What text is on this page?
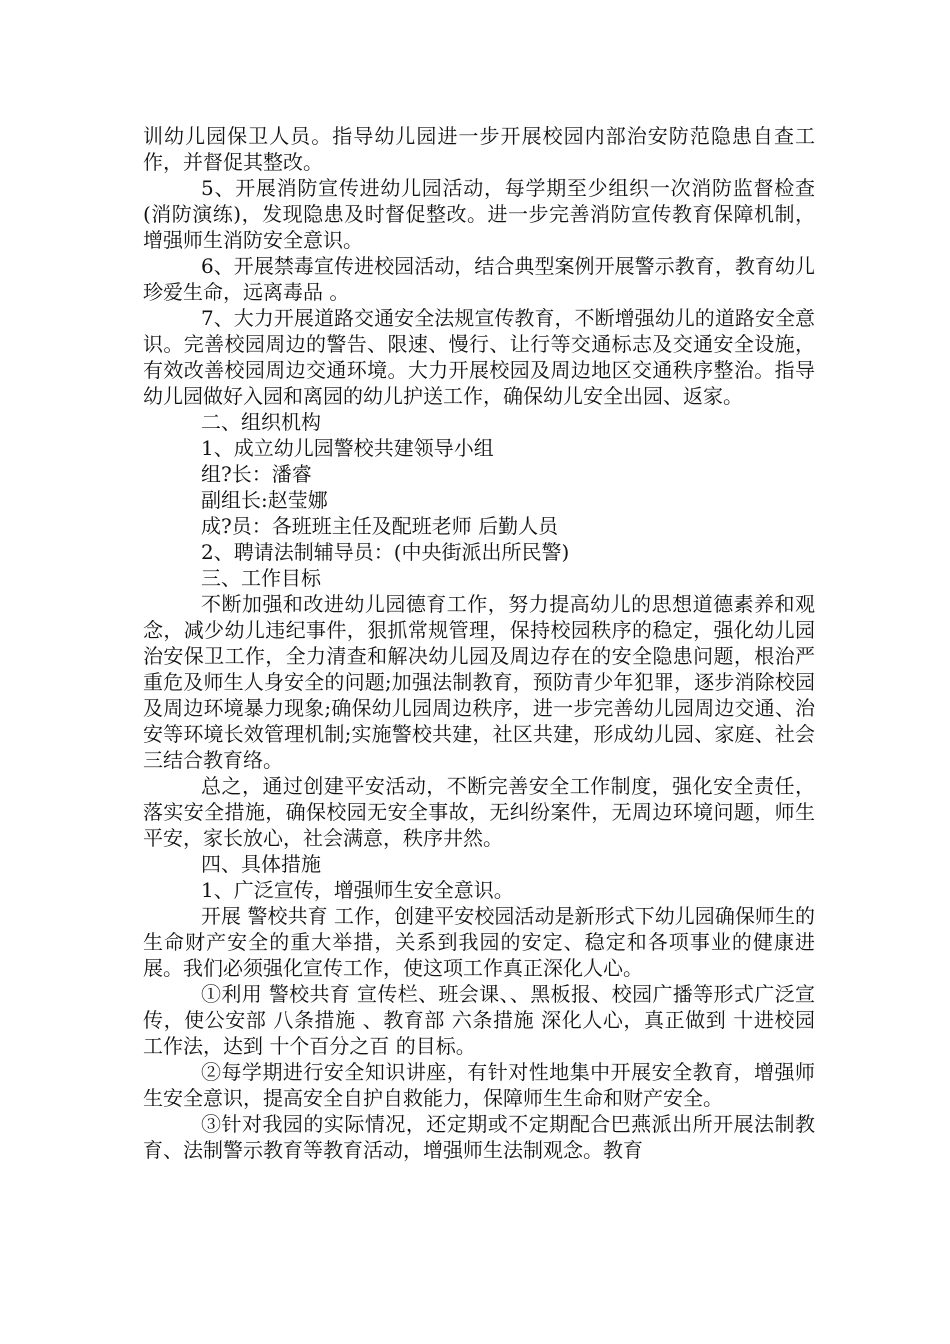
训幼儿园保卫人员。指导幼儿园进一步开展校园内部治安防范隐患自查工作，并督促其整改。

5、开展消防宣传进幼儿园活动，每学期至少组织一次消防监督检查(消防演练)，发现隐患及时督促整改。进一步完善消防宣传教育保障机制，增强师生消防安全意识。

6、开展禁毒宣传进校园活动，结合典型案例开展警示教育，教育幼儿 珍爱生命，远离毒品 。

7、大力开展道路交通安全法规宣传教育，不断增强幼儿的道路安全意识。完善校园周边的警告、限速、慢行、让行等交通标志及交通安全设施，有效改善校园周边交通环境。大力开展校园及周边地区交通秩序整治。指导幼儿园做好入园和离园的幼儿护送工作，确保幼儿安全出园、返家。

二、组织机构

1、成立幼儿园警校共建领导小组

组?长：潘睿

副组长:赵莹娜

成?员：各班班主任及配班老师 后勤人员

2、聘请法制辅导员：(中央街派出所民警)

三、工作目标

不断加强和改进幼儿园德育工作，努力提高幼儿的思想道德素养和观念，减少幼儿违纪事件，狠抓常规管理，保持校园秩序的稳定，强化幼儿园治安保卫工作，全力清查和解决幼儿园及周边存在的安全隐患问题，根治严重危及师生人身安全的问题;加强法制教育，预防青少年犯罪，逐步消除校园及周边环境暴力现象;确保幼儿园周边秩序，进一步完善幼儿园周边交通、治安等环境长效管理机制;实施警校共建，社区共建，形成幼儿园、家庭、社会三结合教育络。

总之，通过创建平安活动，不断完善安全工作制度，强化安全责任，落实安全措施，确保校园无安全事故，无纠纷案件，无周边环境问题，师生平安，家长放心，社会满意，秩序井然。

四、具体措施

1、广泛宣传，增强师生安全意识。

开展 警校共育 工作，创建平安校园活动是新形式下幼儿园确保师生的生命财产安全的重大举措，关系到我园的安定、稳定和各项事业的健康进展。我们必须强化宣传工作，使这项工作真正深化人心。

①利用 警校共育 宣传栏、班会课、、黑板报、校园广播等形式广泛宣传，使公安部 八条措施 、教育部 六条措施 深化人心，真正做到 十进校园 工作法，达到 十个百分之百 的目标。

②每学期进行安全知识讲座，有针对性地集中开展安全教育，增强师生安全意识，提高安全自护自救能力，保障师生生命和财产安全。

③针对我园的实际情况，还定期或不定期配合巴燕派出所开展法制教育、法制警示教育等教育活动，增强师生法制观念。教育
